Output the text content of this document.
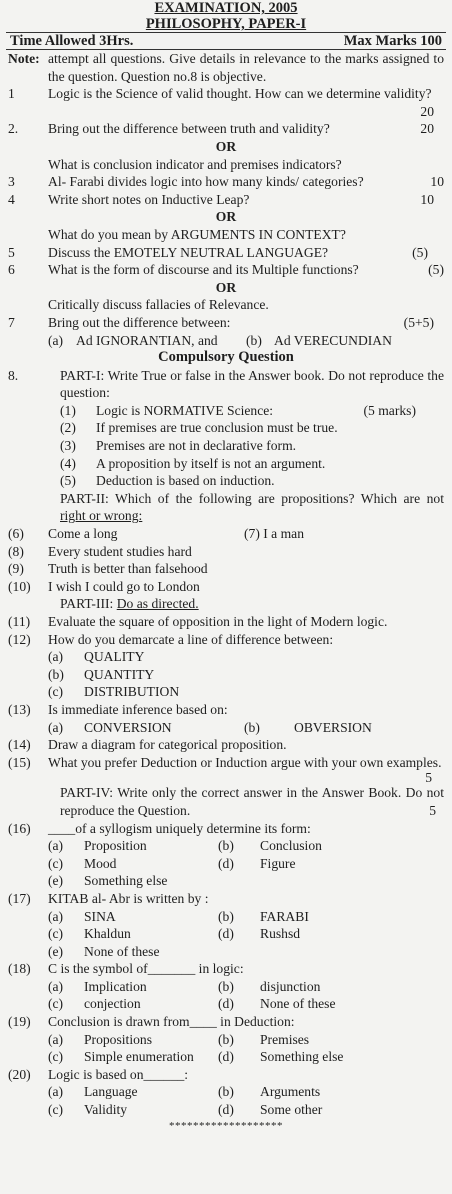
EXAMINATION, 2005
PHILOSOPHY, PAPER-I
Time Allowed 3Hrs.	Max Marks 100
Note: attempt all questions. Give details in relevance to the marks assigned to the question. Question no.8 is objective.
1	Logic is the Science of valid thought. How can we determine validity?
20
2.	Bring out the difference between truth and validity?	20
OR
What is conclusion indicator and premises indicators?
3	Al- Farabi divides logic into how many kinds/ categories?	10
4	Write short notes on Inductive Leap?	10
OR
What do you mean by ARGUMENTS IN CONTEXT?
5	Discuss the EMOTELY NEUTRAL LANGUAGE?	(5)
6	What is the form of discourse and its Multiple functions?	(5)
OR
Critically discuss fallacies of Relevance.
7	Bring out the difference between:	(5+5)
(a) Ad IGNORANTIAN, and	(b) Ad VERECUNDIAN
Compulsory Question
8.	PART-I: Write True or false in the Answer book. Do not reproduce the question:
(1)	Logic is NORMATIVE Science:	(5 marks)
(2)	If premises are true conclusion must be true.
(3)	Premises are not in declarative form.
(4)	A proposition by itself is not an argument.
(5)	Deduction is based on induction.
PART-II: Which of the following are propositions? Which are not right or wrong:
(6)	Come a long	(7) I a man
(8)	Every student studies hard
(9)	Truth is better than falsehood
(10)	I wish I could go to London
PART-III: Do as directed.
(11)	Evaluate the square of opposition in the light of Modern logic.
(12)	How do you demarcate a line of difference between:
(a)	QUALITY
(b)	QUANTITY
(c)	DISTRIBUTION
(13)	Is immediate inference based on:
(a)	CONVERSION	(b)	OBVERSION
(14)	Draw a diagram for categorical proposition.
(15)	What you prefer Deduction or Induction argue with your own examples.
5
PART-IV: Write only the correct answer in the Answer Book. Do not reproduce the Question.	5
(16)	____of a syllogism uniquely determine its form:
(a)	Proposition	(b)	Conclusion
(c)	Mood	(d)	Figure
(e)	Something else
(17)	KITAB al- Abr is written by :
(a)	SINA	(b)	FARABI
(c)	Khaldun	(d)	Rushsd
(e)	None of these
(18)	C is the symbol of_______ in logic:
(a)	Implication	(b)	disjunction
(c)	conjection	(d)	None of these
(19)	Conclusion is drawn from____ in Deduction:
(a)	Propositions	(b)	Premises
(c)	Simple enumeration	(d)	Something else
(20)	Logic is based on______:
(a)	Language	(b)	Arguments
(c)	Validity	(d)	Some other
*******************
